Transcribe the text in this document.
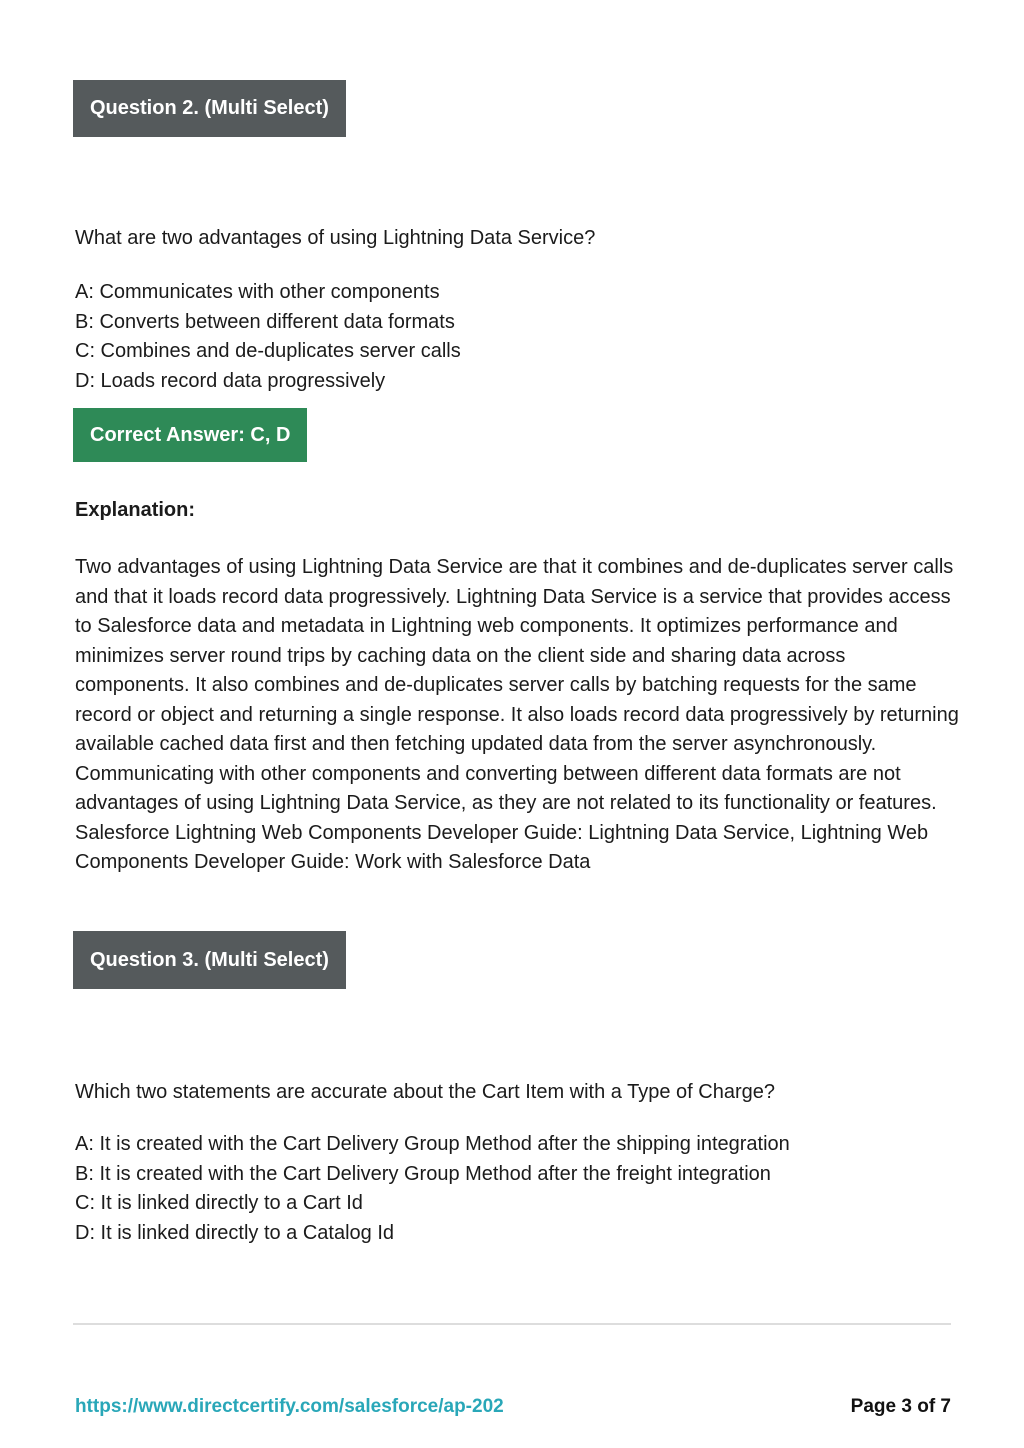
Question 2. (Multi Select)
What are two advantages of using Lightning Data Service?
A: Communicates with other components
B: Converts between different data formats
C: Combines and de-duplicates server calls
D: Loads record data progressively
Correct Answer: C, D
Explanation:
Two advantages of using Lightning Data Service are that it combines and de-duplicates server calls and that it loads record data progressively. Lightning Data Service is a service that provides access to Salesforce data and metadata in Lightning web components. It optimizes performance and minimizes server round trips by caching data on the client side and sharing data across components. It also combines and de-duplicates server calls by batching requests for the same record or object and returning a single response. It also loads record data progressively by returning available cached data first and then fetching updated data from the server asynchronously. Communicating with other components and converting between different data formats are not advantages of using Lightning Data Service, as they are not related to its functionality or features. Salesforce Lightning Web Components Developer Guide: Lightning Data Service, Lightning Web Components Developer Guide: Work with Salesforce Data
Question 3. (Multi Select)
Which two statements are accurate about the Cart Item with a Type of Charge?
A: It is created with the Cart Delivery Group Method after the shipping integration
B: It is created with the Cart Delivery Group Method after the freight integration
C: It is linked directly to a Cart Id
D: It is linked directly to a Catalog Id
https://www.directcertify.com/salesforce/ap-202	Page 3 of 7
